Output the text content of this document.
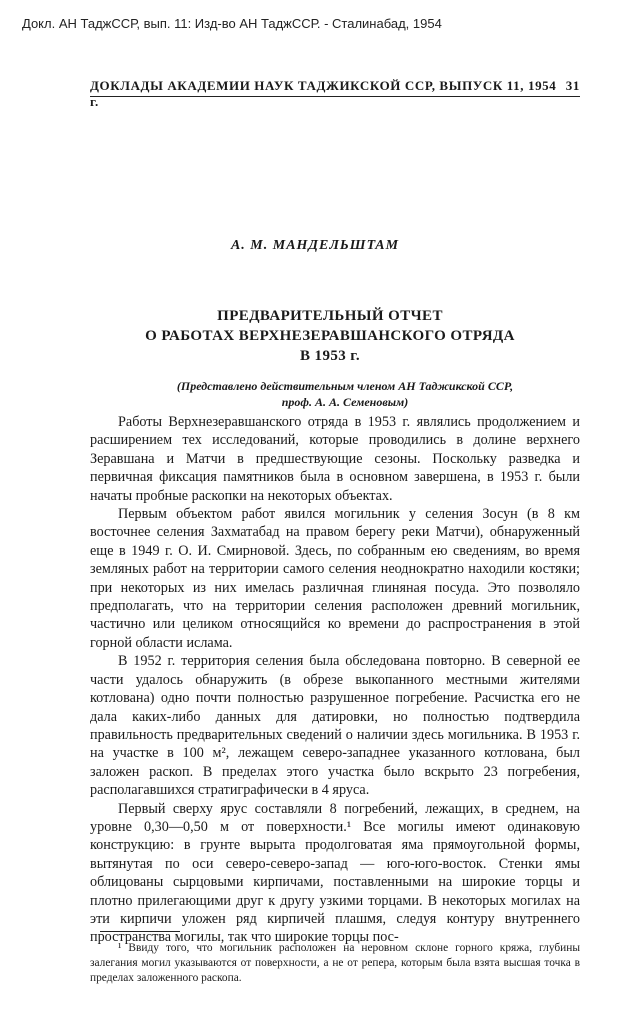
Докл. АН ТаджССР, вып. 11: Изд-во АН ТаджССР. - Сталинабад, 1954
ДОКЛАДЫ АКАДЕМИИ НАУК ТАДЖИКСКОЙ ССР, ВЫПУСК 11, 1954 г.
31
А. М. МАНДЕЛЬШТАМ
ПРЕДВАРИТЕЛЬНЫЙ ОТЧЕТ
О РАБОТАХ ВЕРХНЕЗЕРАВШАНСКОГО ОТРЯДА
В 1953 г.
(Представлено действительным членом АН Таджикской ССР,
проф. А. А. Семеновым)

Работы Верхнезеравшанского отряда в 1953 г. являлись продолжением и расширением тех исследований, которые проводились в долине верхнего Зеравшана и Матчи в предшествующие сезоны. Поскольку разведка и первичная фиксация памятников была в основном завершена, в 1953 г. были начаты пробные раскопки на некоторых объектах.

Первым объектом работ явился могильник у селения Зосун (в 8 км восточнее селения Захматабад на правом берегу реки Матчи), обнаруженный еще в 1949 г. О. И. Смирновой. Здесь, по собранным ею сведениям, во время земляных работ на территории самого селения неоднократно находили костяки; при некоторых из них имелась различная глиняная посуда. Это позволяло предполагать, что на территории селения расположен древний могильник, частично или целиком относящийся ко времени до распространения в этой горной области ислама.

В 1952 г. территория селения была обследована повторно. В северной ее части удалось обнаружить (в обрезе выкопанного местными жителями котлована) одно почти полностью разрушенное погребение. Расчистка его не дала каких-либо данных для датировки, но полностью подтвердила правильность предварительных сведений о наличии здесь могильника. В 1953 г. на участке в 100 м², лежащем северо-западнее указанного котлована, был заложен раскоп. В пределах этого участка было вскрыто 23 погребения, располагавшихся стратиграфически в 4 яруса.

Первый сверху ярус составляли 8 погребений, лежащих, в среднем, на уровне 0,30—0,50 м от поверхности.¹ Все могилы имеют одинаковую конструкцию: в грунте вырыта продолговатая яма прямоугольной формы, вытянутая по оси северо-северо-запад — юго-юго-восток. Стенки ямы облицованы сырцовыми кирпичами, поставленными на широкие торцы и плотно прилегающими друг к другу узкими торцами. В некоторых могилах на эти кирпичи уложен ряд кирпичей плашмя, следуя контуру внутреннего пространства могилы, так что широкие торцы пос-

¹ Ввиду того, что могильник расположен на неровном склоне горного кряжа, глубины залегания могил указываются от поверхности, а не от репера, которым была взята высшая точка в пределах заложенного раскопа.
